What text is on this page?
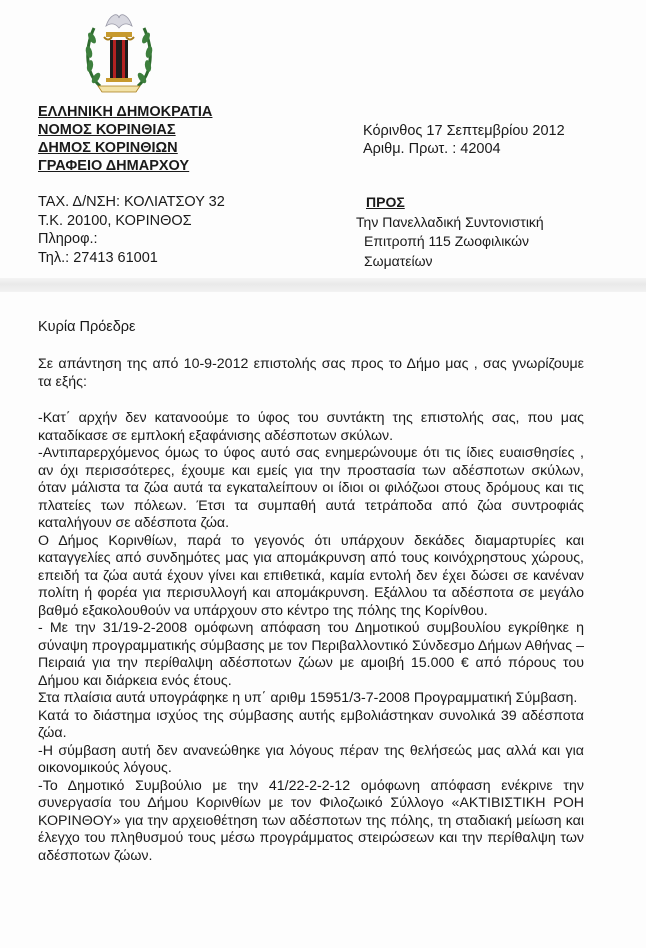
ΕΛΛΗΝΙΚΗ ΔΗΜΟΚΡΑΤΙΑ
ΝΟΜΟΣ ΚΟΡΙΝΘΙΑΣ
ΔΗΜΟΣ ΚΟΡΙΝΘΙΩΝ
ΓΡΑΦΕΙΟ ΔΗΜΑΡΧΟΥ
Κόρινθος 17 Σεπτεμβρίου 2012
Αριθμ. Πρωτ. : 42004
ΤΑΧ. Δ/ΝΣΗ: ΚΟΛΙΑΤΣΟΥ 32
Τ.Κ. 20100, ΚΟΡΙΝΘΟΣ
Πληροφ.:
Τηλ.: 27413 61001
ΠΡΟΣ
Την Πανελλαδική Συντονιστική
Επιτροπή 115 Ζωοφιλικών
Σωματείων
Κυρία Πρόεδρε

Σε απάντηση της από 10-9-2012 επιστολής σας προς το Δήμο μας , σας γνωρίζουμε τα εξής:

-Κατ΄ αρχήν δεν κατανοούμε το ύφος του συντάκτη της επιστολής σας, που μας καταδίκασε σε εμπλοκή εξαφάνισης αδέσποτων σκύλων.

-Αντιπαρερχόμενος όμως το ύφος αυτό σας ενημερώνουμε ότι τις ίδιες ευαισθησίες , αν όχι περισσότερες, έχουμε και εμείς για την προστασία των αδέσποτων σκύλων, όταν μάλιστα τα ζώα αυτά τα εγκαταλείπουν οι ίδιοι οι φιλόζωοι στους δρόμους και τις πλατείες των πόλεων. Έτσι τα συμπαθή αυτά τετράποδα από ζώα συντροφιάς καταλήγουν σε αδέσποτα ζώα.

Ο Δήμος Κορινθίων, παρά το γεγονός ότι υπάρχουν δεκάδες διαμαρτυρίες και καταγγελίες από συνδημότες μας για απομάκρυνση από τους κοινόχρηστους χώρους, επειδή τα ζώα αυτά έχουν γίνει και επιθετικά, καμία εντολή δεν έχει δώσει σε κανέναν πολίτη ή φορέα για περισυλλογή και απομάκρυνση. Εξάλλου τα αδέσποτα σε μεγάλο βαθμό εξακολουθούν να υπάρχουν στο κέντρο της πόλης της Κορίνθου.

- Με την 31/19-2-2008 ομόφωνη απόφαση του Δημοτικού συμβουλίου εγκρίθηκε η σύναψη προγραμματικής σύμβασης με τον Περιβαλλοντικό Σύνδεσμο Δήμων Αθήνας –Πειραιά για την περίθαλψη αδέσποτων ζώων με αμοιβή 15.000 € από πόρους του Δήμου και διάρκεια ενός έτους.

Στα πλαίσια αυτά υπογράφηκε η υπ΄ αριθμ 15951/3-7-2008 Προγραμματική Σύμβαση.

Κατά το διάστημα ισχύος της σύμβασης αυτής εμβολιάστηκαν συνολικά 39 αδέσποτα ζώα.

-Η σύμβαση αυτή δεν ανανεώθηκε για λόγους πέραν της θελήσεώς μας αλλά και για οικονομικούς λόγους.

-Το Δημοτικό Συμβούλιο με την 41/22-2-2-12 ομόφωνη απόφαση ενέκρινε την συνεργασία του Δήμου Κορινθίων με τον Φιλοζωικό Σύλλογο «ΑΚΤΙΒΙΣΤΙΚΗ ΡΟΗ ΚΟΡΙΝΘΟΥ» για την αρχειοθέτηση των αδέσποτων της πόλης, τη σταδιακή μείωση και έλεγχο του πληθυσμού τους μέσω προγράμματος στειρώσεων και την περίθαλψη των αδέσποτων ζώων.
